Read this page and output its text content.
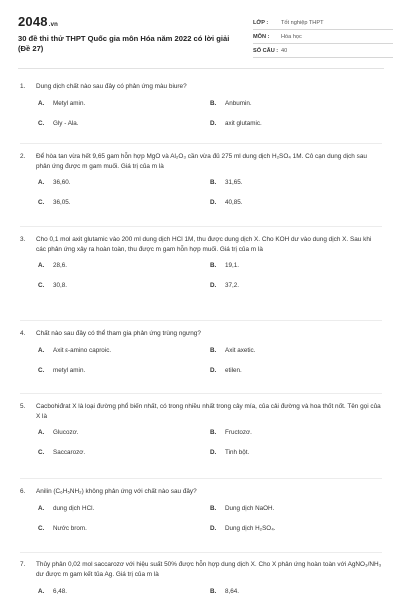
2048.vn
30 đề thi thử THPT Quốc gia môn Hóa năm 2022 có lời giải (Đề 27)
LỚP :	Tốt nghiệp THPT
MÔN :	Hóa học
SỐ CÂU : 40
1. Dung dịch chất nào sau đây có phản ứng màu biure?
A. Metyl amin.	B. Anbumin.
C. Gly - Ala.	D. axit glutamic.
2. Để hòa tan vừa hết 9,65 gam hỗn hợp MgO và Al₂O₃ cần vừa đủ 275 ml dung dịch H₂SO₄ 1M. Cô cạn dung dịch sau phản ứng được m gam muối. Giá trị của m là
A. 36,60.	B. 31,65.
C. 36,05.	D. 40,85.
3. Cho 0,1 mol axit glutamic vào 200 ml dung dịch HCl 1M, thu được dung dịch X. Cho KOH dư vào dung dịch X. Sau khi các phản ứng xảy ra hoàn toàn, thu được m gam hỗn hợp muối. Giá trị của m là
A. 28,6.	B. 19,1.
C. 30,8.	D. 37,2.
4. Chất nào sau đây có thể tham gia phản ứng trùng ngưng?
A. Axit ε-amino caproic.	B. Axit axetic.
C. metyl amin.	D. etilen.
5. Cacbohiđrat X là loại đường phổ biến nhất, có trong nhiều nhất trong cây mía, của cải đường và hoa thốt nốt. Tên gọi của X là
A. Glucozơ.	B. Fructozơ.
C. Saccarozơ.	D. Tinh bột.
6. Anilin (C₆H₅NH₂) không phản ứng với chất nào sau đây?
A. dung dịch HCl.	B. Dung dịch NaOH.
C. Nước brom.	D. Dung dịch H₂SO₄.
7. Thủy phân 0,02 mol saccarozơ với hiệu suất 50% được hỗn hợp dung dịch X. Cho X phản ứng hoàn toàn với AgNO₃/NH₃ dư được m gam kết tủa Ag. Giá trị của m là
A. 6,48.	B. 8,64.
